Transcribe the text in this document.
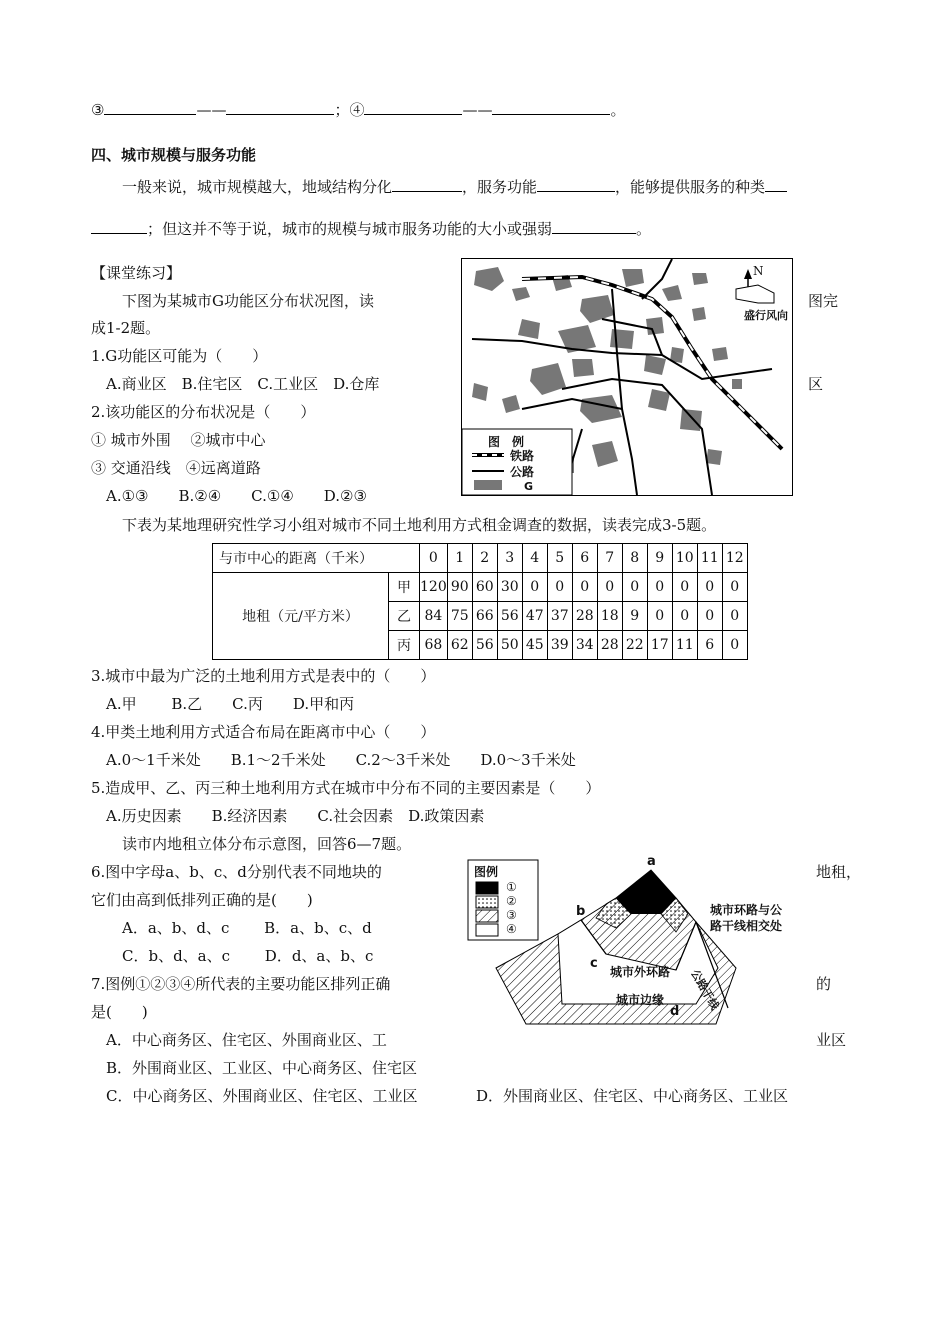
③	——	；④	——	。
四、城市规模与服务功能
一般来说，城市规模越大，地域结构分化	，服务功能	，能够提供服务的种类
；但这并不等于说，城市的规模与城市服务功能的大小或强弱	。
【课堂练习】
下图为某城市G功能区分布状况图，读	图完
成1-2题。
1.G功能区可能为（　　）
A.商业区　B.住宅区　C.工业区　D.仓库	区
2.该功能区的分布状况是（　　）
① 城市外围　 ②城市中心
③ 交通沿线　④远离道路
A.①③　　B.②④　　C.①④　　D.②③
N
盛行风向
图　例
铁路
公路
G
下表为某地理研究性学习小组对城市不同土地利用方式租金调查的数据，读表完成3-5题。
与市中心的距离（千米）		0	1	2	3	4	5	6	7	8	9	10	11	12
地租（元/平方米）	甲	120	90	60	30	0	0	0	0	0	0	0	0	0
	乙	84	75	66	56	47	37	28	18	9	0	0	0	0
	丙	68	62	56	50	45	39	34	28	22	17	11	6	0
3.城市中最为广泛的土地利用方式是表中的（　　）
A.甲　　 B.乙　　C.丙　　D.甲和丙
4.甲类土地利用方式适合布局在距离市中心（　　）
A.0～1千米处　　B.1～2千米处　　C.2～3千米处　　D.0～3千米处
5.造成甲、乙、丙三种土地利用方式在城市中分布不同的主要因素是（　　）
A.历史因素　　B.经济因素　　C.社会因素　D.政策因素
读市内地租立体分布示意图，回答6—7题。
6.图中字母a、b、c、d分别代表不同地块的	地租，
它们由高到低排列正确的是(　　)
A．a、b、d、c　　 B．a、b、c、d
C．b、d、a、c　　 D．d、a、b、c
7.图例①②③④所代表的主要功能区排列正确	的
是(　　)
A．中心商务区、住宅区、外围商业区、工	业区
B．外围商业区、工业区、中心商务区、住宅区
C．中心商务区、外围商业区、住宅区、工业区	D．外围商业区、住宅区、中心商务区、工业区
图例
①
②
③
④
a
b
c
d
城市环路与公
路干线相交处
城市外环路
城市边缘	公路干线
